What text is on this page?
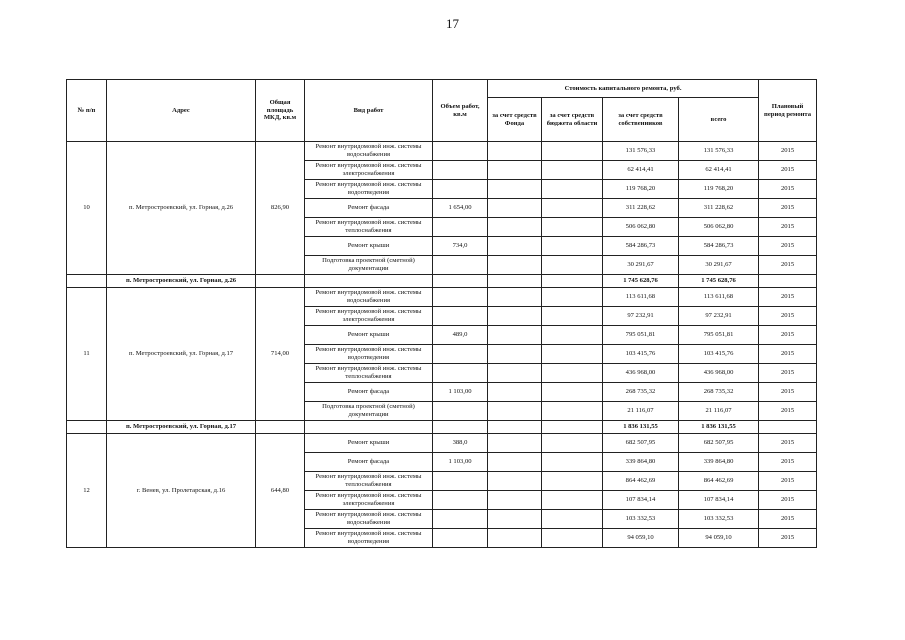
17
№ п/п	Адрес	Общая площадь МКД, кв.м	Вид работ	Объем работ, кв.м	Стоимость капитального ремонта, руб.				Плановый период ремонта
					за счет средств Фонда	за счет средств бюджета области	за счет средств собственников	всего	
10	п. Метростроевский, ул. Горная, д.26	826,90	Ремонт внутридомовой инж. системы водоснабжения				131 576,33	131 576,33	2015
			Ремонт внутридомовой инж. системы электроснабжения				62 414,41	62 414,41	2015
			Ремонт внутридомовой инж. системы водоотведения				119 768,20	119 768,20	2015
			Ремонт фасада	1 654,00			311 228,62	311 228,62	2015
			Ремонт внутридомовой инж. системы теплоснабжения				506 062,80	506 062,80	2015
			Ремонт крыши	734,0			584 286,73	584 286,73	2015
			Подготовка проектной (сметной) документации				30 291,67	30 291,67	2015
	п. Метростроевский, ул. Горная, д.26						1 745 628,76	1 745 628,76	
11	п. Метростроевский, ул. Горная, д.17	714,00	Ремонт внутридомовой инж. системы водоснабжения				113 611,68	113 611,68	2015
			Ремонт внутридомовой инж. системы электроснабжения				97 232,91	97 232,91	2015
			Ремонт крыши	489,0			795 051,81	795 051,81	2015
			Ремонт внутридомовой инж. системы водоотведения				103 415,76	103 415,76	2015
			Ремонт внутридомовой инж. системы теплоснабжения				436 968,00	436 968,00	2015
			Ремонт фасада	1 103,00			268 735,32	268 735,32	2015
			Подготовка проектной (сметной) документации				21 116,07	21 116,07	2015
	п. Метростроевский, ул. Горная, д.17						1 836 131,55	1 836 131,55	
12	г. Венев, ул. Пролетарская, д.16	644,80	Ремонт крыши	388,0			682 507,95	682 507,95	2015
			Ремонт фасада	1 103,00			339 864,80	339 864,80	2015
			Ремонт внутридомовой инж. системы теплоснабжения				864 462,69	864 462,69	2015
			Ремонт внутридомовой инж. системы электроснабжения				107 834,14	107 834,14	2015
			Ремонт внутридомовой инж. системы водоснабжения				103 332,53	103 332,53	2015
			Ремонт внутридомовой инж. системы водоотведения				94 059,10	94 059,10	2015
